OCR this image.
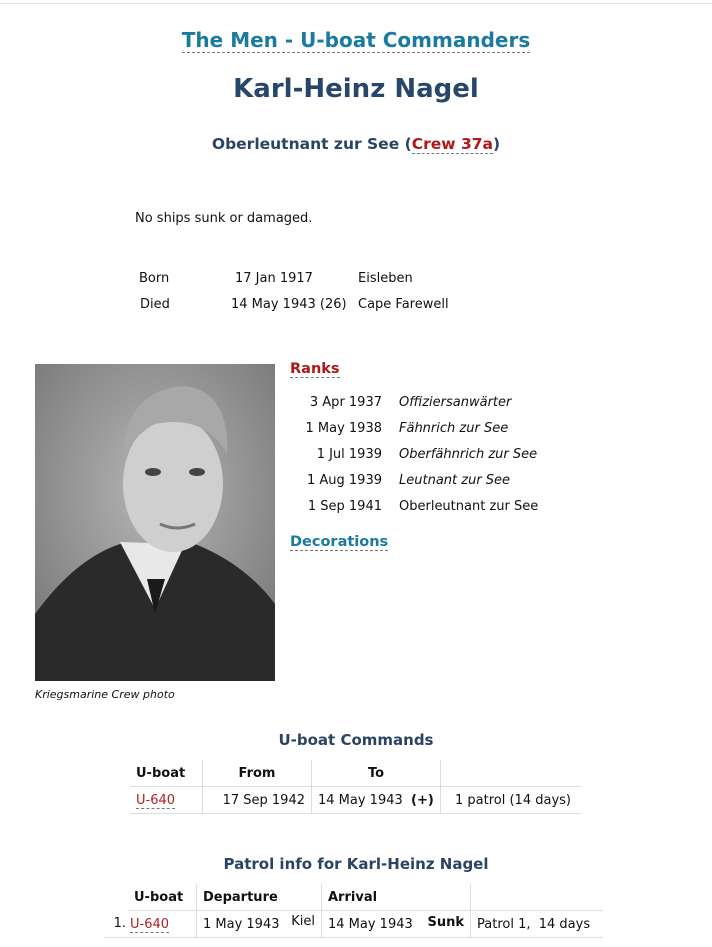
The Men - U-boat Commanders
Karl-Heinz Nagel
Oberleutnant zur See (Crew 37a)
No ships sunk or damaged.
Born	17 Jan 1917	Eisleben
Died	14 May 1943 (26) Cape Farewell
Kriegsmarine Crew photo
Ranks
3 Apr 1937 Offiziersanwärter
1 May 1938 Fähnrich zur See
1 Jul 1939 Oberfähnrich zur See
1 Aug 1939 Leutnant zur See
1 Sep 1941 Oberleutnant zur See
Decorations
U-boat Commands
U-boat	From	To	
U-640	17 Sep 1942	14 May 1943 (+)	1 patrol (14 days)
Patrol info for Karl-Heinz Nagel
	U-boat	Departure	Arrival	
1.	U-640	1 May 1943 Kiel	14 May 1943 Sunk	Patrol 1,  14 days
